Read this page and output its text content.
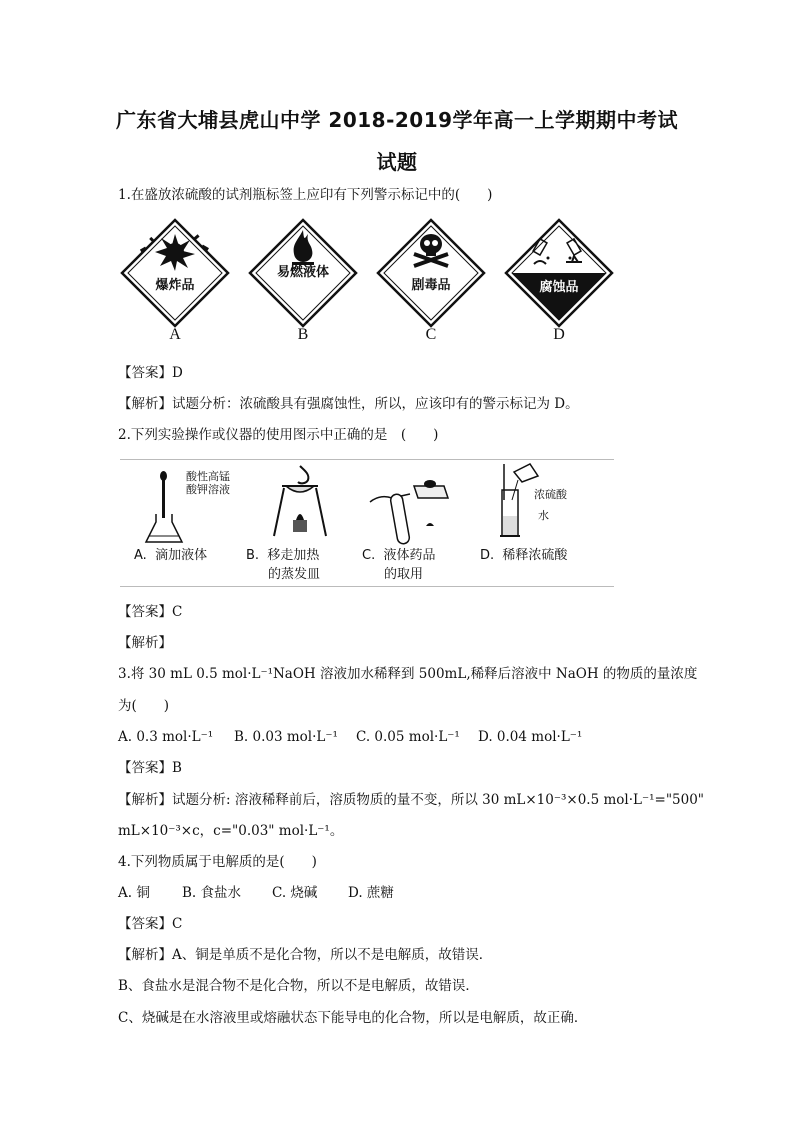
广东省大埔县虎山中学 2018-2019学年高一上学期期中考试
试题
1.在盛放浓硫酸的试剂瓶标签上应印有下列警示标记中的(　　)
爆炸品
A
易燃液体
B
剧毒品
C
腐蚀品
D
【答案】D
【解析】试题分析：浓硫酸具有强腐蚀性，所以，应该印有的警示标记为 D。
2.下列实验操作或仪器的使用图示中正确的是　(　　)
酸性高锰
酸钾溶液
A. 滴加液体	B. 移走加热
的蒸发皿
C. 液体药品
的取用
浓硫酸
水
D. 稀释浓硫酸
【答案】C
【解析】
3.将 30 mL 0.5 mol·L⁻¹NaOH 溶液加水稀释到 500mL,稀释后溶液中 NaOH 的物质的量浓度
为(　　)
A. 0.3 mol·L⁻¹ B. 0.03 mol·L⁻¹ C. 0.05 mol·L⁻¹ D. 0.04 mol·L⁻¹
【答案】B
【解析】试题分析: 溶液稀释前后，溶质物质的量不变，所以 30 mL×10⁻³×0.5 mol·L⁻¹="500"
mL×10⁻³×c，c="0.03" mol·L⁻¹。
4.下列物质属于电解质的是(　　)
A. 铜 B. 食盐水 C. 烧碱 D. 蔗糖
【答案】C
【解析】A、铜是单质不是化合物，所以不是电解质，故错误．
B、食盐水是混合物不是化合物，所以不是电解质，故错误．
C、烧碱是在水溶液里或熔融状态下能导电的化合物，所以是电解质，故正确．
